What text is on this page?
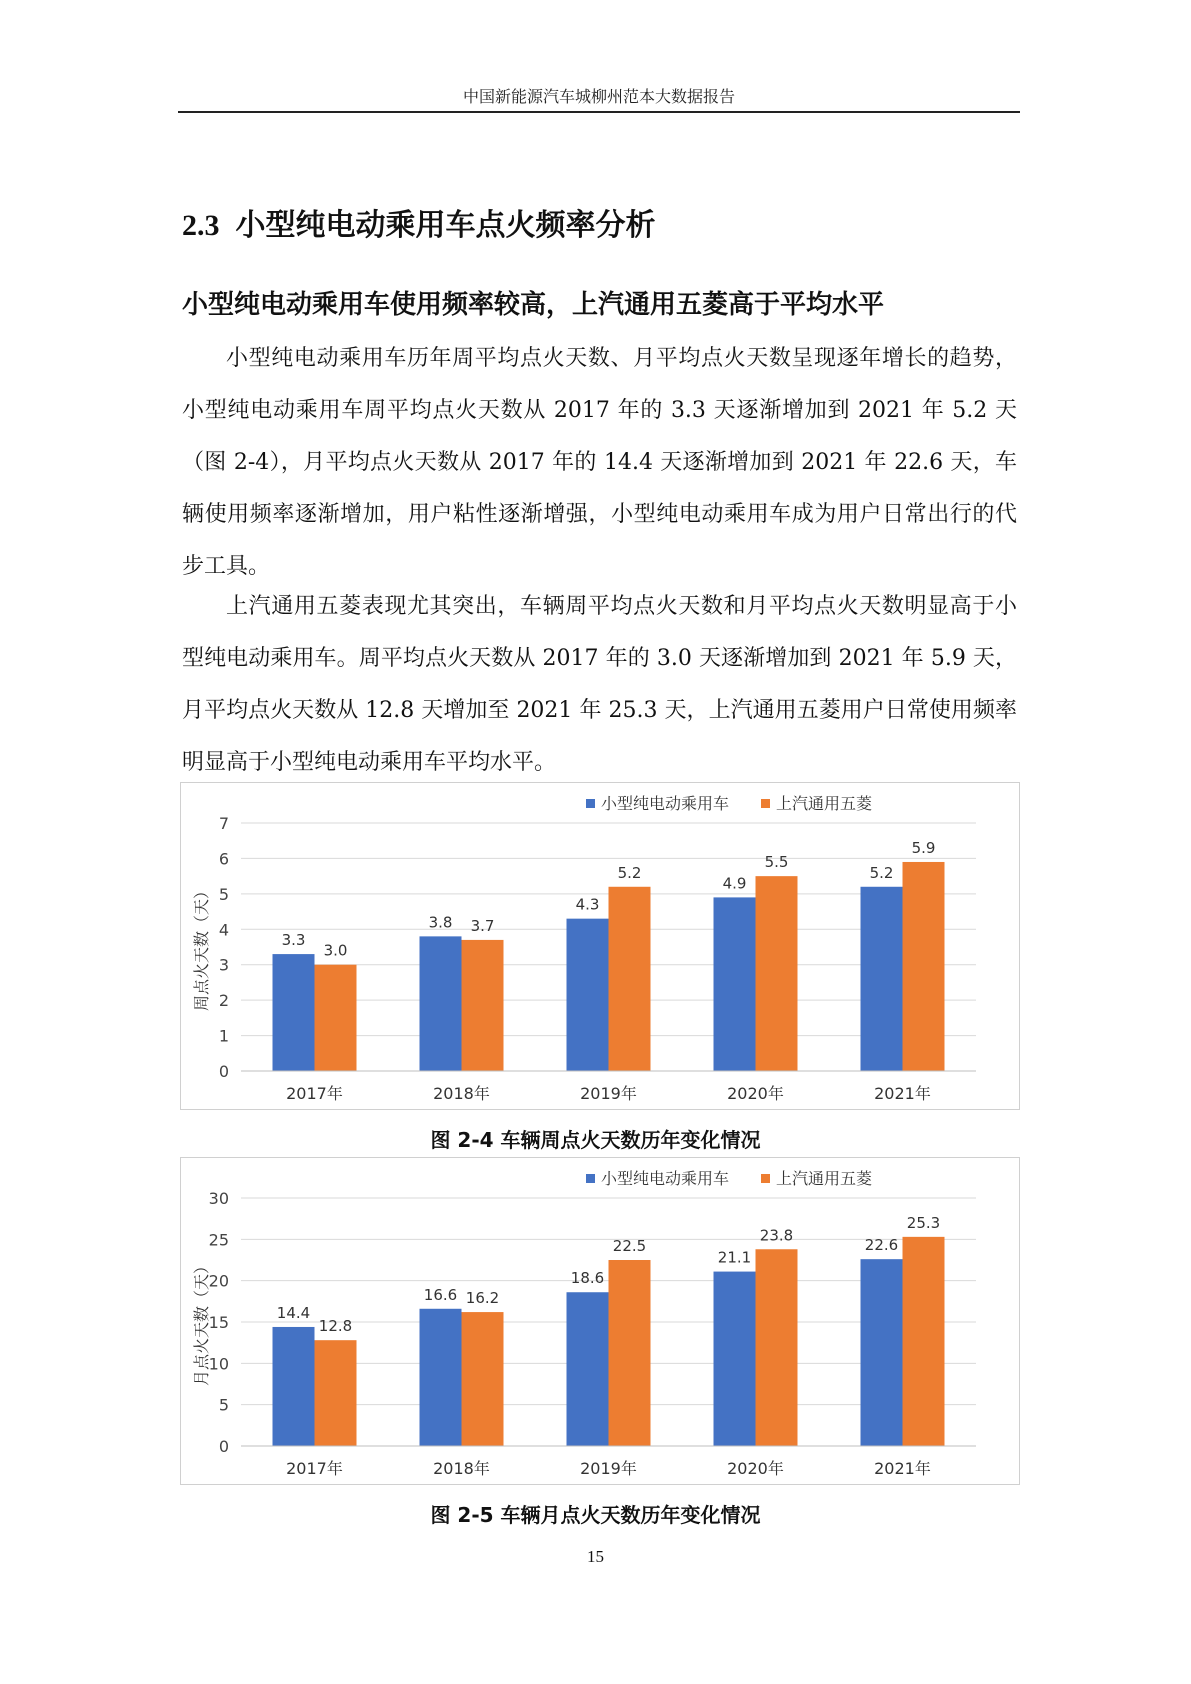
中国新能源汽车城柳州范本大数据报告
2.3 小型纯电动乘用车点火频率分析
小型纯电动乘用车使用频率较高，上汽通用五菱高于平均水平

小型纯电动乘用车历年周平均点火天数、月平均点火天数呈现逐年增长的趋势，小型纯电动乘用车周平均点火天数从 2017 年的 3.3 天逐渐增加到 2021 年 5.2 天（图 2-4），月平均点火天数从 2017 年的 14.4 天逐渐增加到 2021 年 22.6 天，车辆使用频率逐渐增加，用户粘性逐渐增强，小型纯电动乘用车成为用户日常出行的代步工具。

上汽通用五菱表现尤其突出，车辆周平均点火天数和月平均点火天数明显高于小型纯电动乘用车。周平均点火天数从 2017 年的 3.0 天逐渐增加到 2021 年 5.9 天，月平均点火天数从 12.8 天增加至 2021 年 25.3 天，上汽通用五菱用户日常使用频率明显高于小型纯电动乘用车平均水平。

0
1
2
3
4
5
6
7
周点火天数（天）	3.3
3.0
2017年
3.8 3.7
2018年
4.3
5.2
2019年
4.9
5.5
2020年
5.2
5.9
2021年
小型纯电动乘用车	上汽通用五菱
图 2-4 车辆周点火天数历年变化情况
0
5
10
15
20
25
30
月点火天数（天）	14.4
12.8
2017年
16.6 16.2
2018年
18.6
22.5
2019年
21.1
23.8
2020年
22.6
25.3
2021年
小型纯电动乘用车	上汽通用五菱
图 2-5 车辆月点火天数历年变化情况
15
